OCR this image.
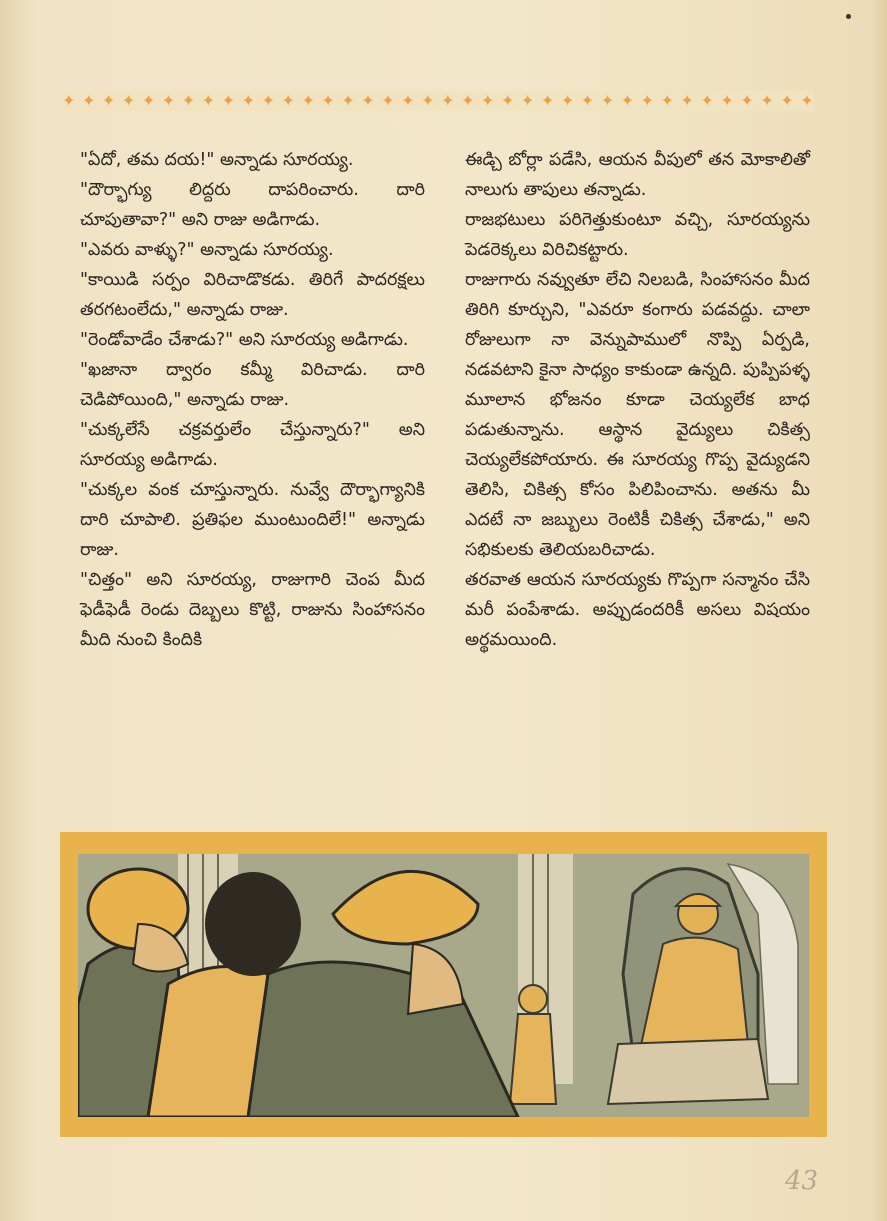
✦ ✦ ✦ ✦ ✦ ✦ ✦ ✦ ✦ ✦ ✦ ✦ ✦ ✦ ✦ ✦ ✦ ✦ ✦ ✦ ✦ ✦ ✦ ✦ ✦ ✦ ✦ ✦ ✦ ✦ ✦ ✦ ✦ ✦ ✦ ✦ ✦ ✦

"ఏదో, తమ దయ!" అన్నాడు సూరయ్య.

"దౌర్భాగ్యు లిద్దరు దాపరించారు. దారి చూపుతావా?" అని రాజు అడిగాడు.

"ఎవరు వాళ్ళు?" అన్నాడు సూరయ్య.

"కాయిడి సర్పం విరిచాడొకడు. తిరిగే పాదరక్షలు తరగటంలేదు," అన్నాడు రాజు.

"రెండోవాడేం చేశాడు?" అని సూరయ్య అడిగాడు.

"ఖజానా ద్వారం కమ్మీ విరిచాడు. దారి చెడిపోయింది," అన్నాడు రాజు.

"చుక్కలేసే చక్రవర్తులేం చేస్తున్నారు?" అని సూరయ్య అడిగాడు.

"చుక్కల వంక చూస్తున్నారు. నువ్వే దౌర్భాగ్యానికి దారి చూపాలి. ప్రతిఫల ముంటుందిలే!" అన్నాడు రాజు.

"చిత్తం" అని సూరయ్య, రాజుగారి చెంప మీద ఫెడీఫెడీ రెండు దెబ్బలు కొట్టి, రాజును సింహాసనం మీది నుంచి కిందికి

ఈడ్చి బోర్లా పడేసి, ఆయన వీపులో తన మోకాలితో నాలుగు తాపులు తన్నాడు.

రాజభటులు పరిగెత్తుకుంటూ వచ్చి, సూరయ్యను పెడరెక్కలు విరిచికట్టారు.

రాజుగారు నవ్వుతూ లేచి నిలబడి, సింహాసనం మీద తిరిగి కూర్చుని, "ఎవరూ కంగారు పడవద్దు. చాలా రోజులుగా నా వెన్నుపాములో నొప్పి ఏర్పడి, నడవటాని కైనా సాధ్యం కాకుండా ఉన్నది. పుప్పిపళ్ళ మూలాన భోజనం కూడా చెయ్యలేక బాధ పడుతున్నాను. ఆస్థాన వైద్యులు చికిత్స చెయ్యలేకపోయారు. ఈ సూరయ్య గొప్ప వైద్యుడని తెలిసి, చికిత్స కోసం పిలిపించాను. అతను మీ ఎదటే నా జబ్బులు రెంటికీ చికిత్స చేశాడు," అని సభికులకు తెలియబరిచాడు.

తరవాత ఆయన సూరయ్యకు గొప్పగా సన్మానం చేసి మరీ పంపేశాడు. అప్పుడందరికీ అసలు విషయం అర్థమయింది.

43
